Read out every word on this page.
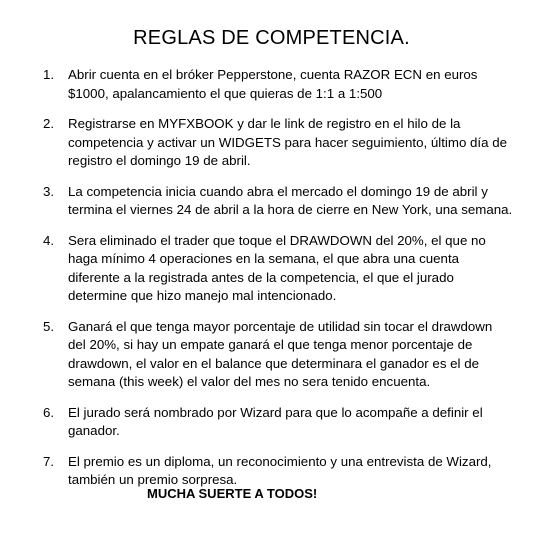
REGLAS DE COMPETENCIA.
1. Abrir cuenta en el bróker Pepperstone, cuenta RAZOR ECN en euros
$1000, apalancamiento el que quieras de 1:1 a 1:500
2. Registrarse en MYFXBOOK y dar le link de registro en el hilo de la
competencia y activar un WIDGETS para hacer seguimiento, último día de
registro el domingo 19 de abril.
3. La competencia inicia cuando abra el mercado el domingo 19 de abril y
termina el viernes 24 de abril a la hora de cierre en New York, una semana.
4. Sera eliminado el trader que toque el DRAWDOWN del 20%, el que no
haga mínimo 4 operaciones en la semana, el que abra una cuenta
diferente a la registrada antes de la competencia, el que el jurado
determine que hizo manejo mal intencionado.
5. Ganará el que tenga mayor porcentaje de utilidad sin tocar el drawdown
del 20%, si hay un empate ganará el que tenga menor porcentaje de
drawdown, el valor en el balance que determinara el ganador es el de
semana (this week) el valor del mes no sera tenido encuenta.
6. El jurado será nombrado por Wizard para que lo acompañe a definir el
ganador.
7. El premio es un diploma, un reconocimiento y una entrevista de Wizard,
también un premio sorpresa.
MUCHA SUERTE A TODOS!
